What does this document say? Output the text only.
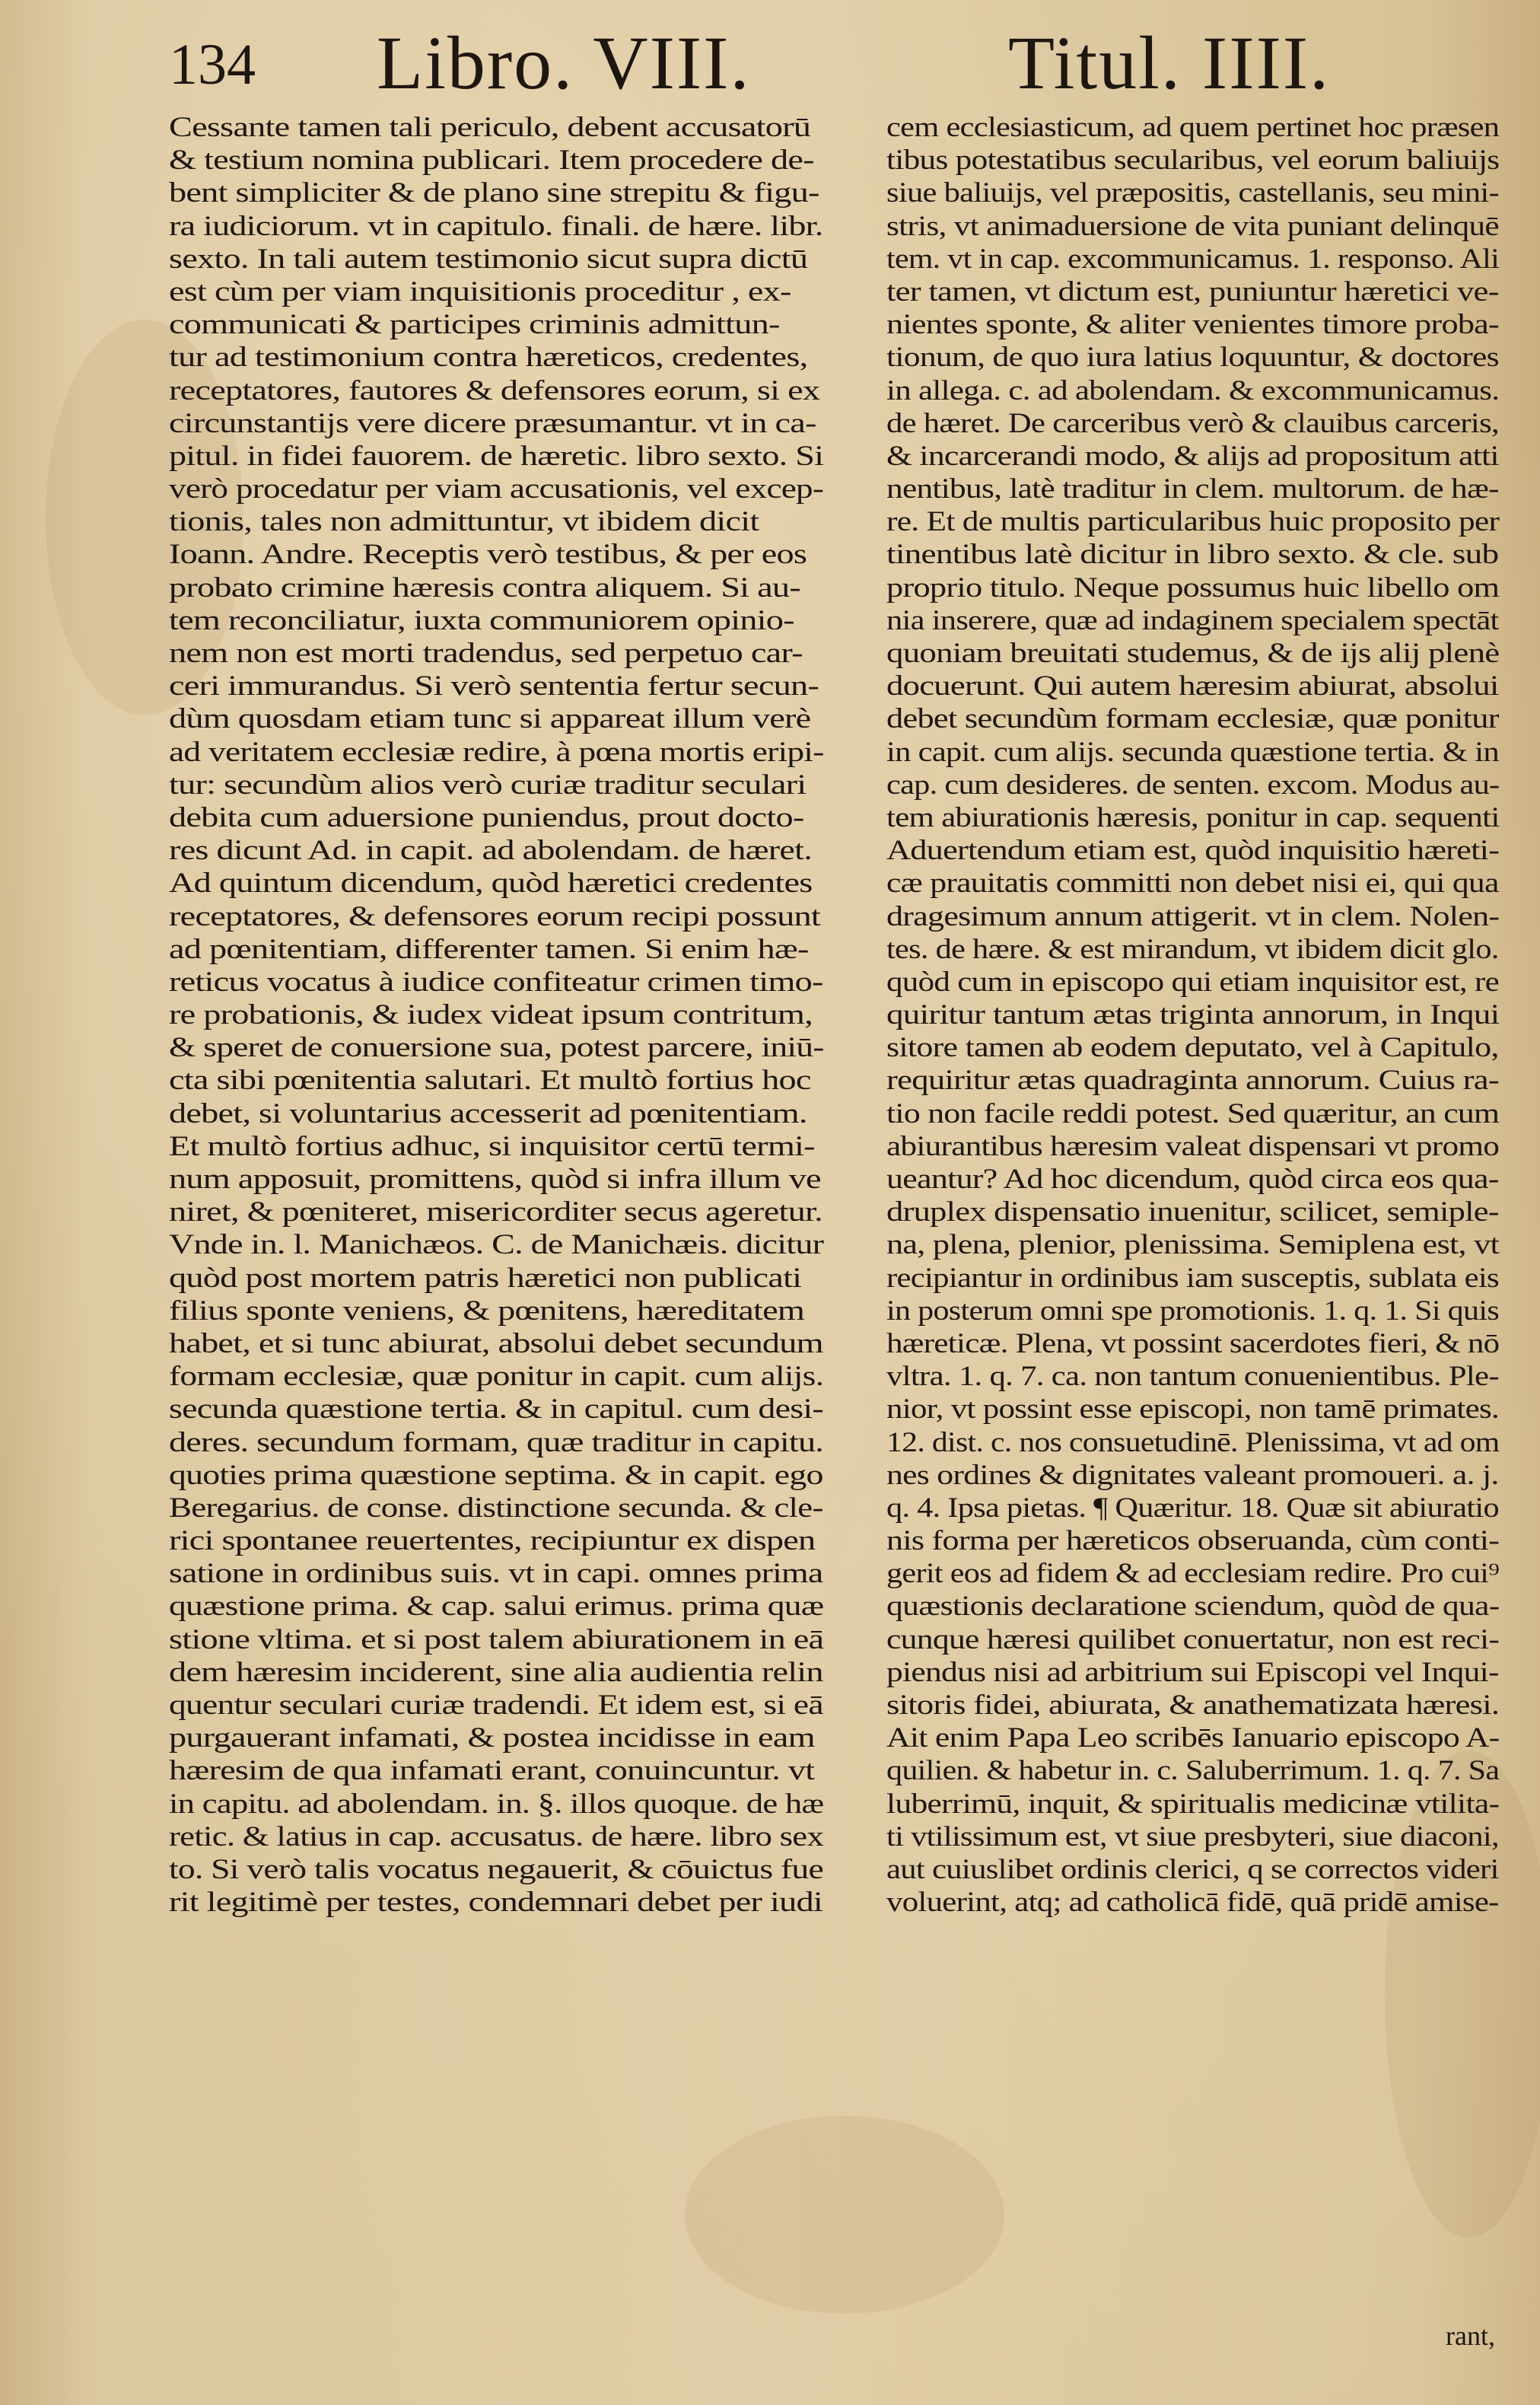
134 Libro. VIII.	Titul. IIII.
Cessante tamen tali periculo, debent accusatorū
& testium nomina publicari. Item procedere de-
bent simpliciter & de plano sine strepitu & figu-
ra iudiciorum. vt in capitulo. finali. de hære. libr.
sexto. In tali autem testimonio sicut supra dictū
est cùm per viam inquisitionis proceditur , ex-
communicati & participes criminis admittun-
tur ad testimonium contra hæreticos, credentes,
receptatores, fautores & defensores eorum, si ex
circunstantijs vere dicere præsumantur. vt in ca-
pitul. in fidei fauorem. de hæretic. libro sexto. Si
verò procedatur per viam accusationis, vel excep-
tionis, tales non admittuntur, vt ibidem dicit
Ioann. Andre. Receptis verò testibus, & per eos
probato crimine hæresis contra aliquem. Si au-
tem reconciliatur, iuxta communiorem opinio-
nem non est morti tradendus, sed perpetuo car-
ceri immurandus. Si verò sententia fertur secun-
dùm quosdam etiam tunc si appareat illum verè
ad veritatem ecclesiæ redire, à pœna mortis eripi-
tur: secundùm alios verò curiæ traditur seculari
debita cum aduersione puniendus, prout docto-
res dicunt Ad. in capit. ad abolendam. de hæret.
Ad quintum dicendum, quòd hæretici credentes
receptatores, & defensores eorum recipi possunt
ad pœnitentiam, differenter tamen. Si enim hæ-
reticus vocatus à iudice confiteatur crimen timo-
re probationis, & iudex videat ipsum contritum,
& speret de conuersione sua, potest parcere, iniū-
cta sibi pœnitentia salutari. Et multò fortius hoc
debet, si voluntarius accesserit ad pœnitentiam.
Et multò fortius adhuc, si inquisitor certū termi-
num apposuit, promittens, quòd si infra illum ve
niret, & pœniteret, misericorditer secus ageretur.
Vnde in. l. Manichæos. C. de Manichæis. dicitur
quòd post mortem patris hæretici non publicati
filius sponte veniens, & pœnitens, hæreditatem
habet, et si tunc abiurat, absolui debet secundum
formam ecclesiæ, quæ ponitur in capit. cum alijs.
secunda quæstione tertia. & in capitul. cum desi-
deres. secundum formam, quæ traditur in capitu.
quoties prima quæstione septima. & in capit. ego
Beregarius. de conse. distinctione secunda. & cle-
rici spontanee reuertentes, recipiuntur ex dispen
satione in ordinibus suis. vt in capi. omnes prima
quæstione prima. & cap. salui erimus. prima quæ
stione vltima. et si post talem abiurationem in eā
dem hæresim inciderent, sine alia audientia relin
quentur seculari curiæ tradendi. Et idem est, si eā
purgauerant infamati, & postea incidisse in eam
hæresim de qua infamati erant, conuincuntur. vt
in capitu. ad abolendam. in. §. illos quoque. de hæ
retic. & latius in cap. accusatus. de hære. libro sex
to. Si verò talis vocatus negauerit, & cōuictus fue
rit legitimè per testes, condemnari debet per iudi
cem ecclesiasticum, ad quem pertinet hoc præsen
tibus potestatibus secularibus, vel eorum baliuijs
siue baliuijs, vel præpositis, castellanis, seu mini-
stris, vt animaduersione de vita puniant delinquē
tem. vt in cap. excommunicamus. 1. responso. Ali
ter tamen, vt dictum est, puniuntur hæretici ve-
nientes sponte, & aliter venientes timore proba-
tionum, de quo iura latius loquuntur, & doctores
in allega. c. ad abolendam. & excommunicamus.
de hæret. De carceribus verò & clauibus carceris,
& incarcerandi modo, & alijs ad propositum atti
nentibus, latè traditur in clem. multorum. de hæ-
re. Et de multis particularibus huic proposito per
tinentibus latè dicitur in libro sexto. & cle. sub
proprio titulo. Neque possumus huic libello om
nia inserere, quæ ad indaginem specialem spectāt
quoniam breuitati studemus, & de ijs alij plenè
docuerunt. Qui autem hæresim abiurat, absolui
debet secundùm formam ecclesiæ, quæ ponitur
in capit. cum alijs. secunda quæstione tertia. & in
cap. cum desideres. de senten. excom. Modus au-
tem abiurationis hæresis, ponitur in cap. sequenti
Aduertendum etiam est, quòd inquisitio hæreti-
cæ prauitatis committi non debet nisi ei, qui qua
dragesimum annum attigerit. vt in clem. Nolen-
tes. de hære. & est mirandum, vt ibidem dicit glo.
quòd cum in episcopo qui etiam inquisitor est, re
quiritur tantum ætas triginta annorum, in Inqui
sitore tamen ab eodem deputato, vel à Capitulo,
requiritur ætas quadraginta annorum. Cuius ra-
tio non facile reddi potest. Sed quæritur, an cum
abiurantibus hæresim valeat dispensari vt promo
ueantur? Ad hoc dicendum, quòd circa eos qua-
druplex dispensatio inuenitur, scilicet, semiple-
na, plena, plenior, plenissima. Semiplena est, vt
recipiantur in ordinibus iam susceptis, sublata eis
in posterum omni spe promotionis. 1. q. 1. Si quis
hæreticæ. Plena, vt possint sacerdotes fieri, & nō
vltra. 1. q. 7. ca. non tantum conuenientibus. Ple-
nior, vt possint esse episcopi, non tamē primates.
12. dist. c. nos consuetudinē. Plenissima, vt ad om
nes ordines & dignitates valeant promoueri. a. j.
q. 4. Ipsa pietas. ¶ Quæritur. 18. Quæ sit abiuratio
nis forma per hæreticos obseruanda, cùm conti-
gerit eos ad fidem & ad ecclesiam redire. Pro cui⁹
quæstionis declaratione sciendum, quòd de qua-
cunque hæresi quilibet conuertatur, non est reci-
piendus nisi ad arbitrium sui Episcopi vel Inqui-
sitoris fidei, abiurata, & anathematizata hæresi.
Ait enim Papa Leo scribēs Ianuario episcopo A-
quilien. & habetur in. c. Saluberrimum. 1. q. 7. Sa
luberrimū, inquit, & spiritualis medicinæ vtilita-
ti vtilissimum est, vt siue presbyteri, siue diaconi,
aut cuiuslibet ordinis clerici, q se correctos videri
voluerint, atq; ad catholicā fidē, quā pridē amise-
rant,
